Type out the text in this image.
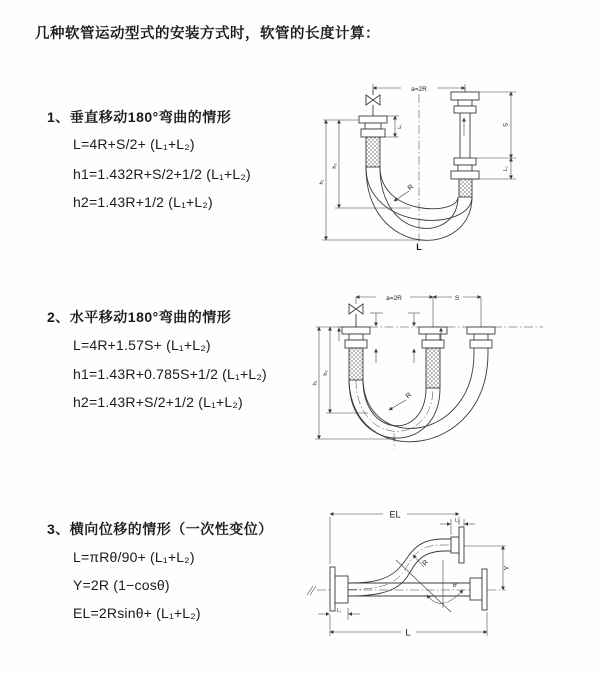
几种软管运动型式的安装方式时，软管的长度计算：
1、垂直移动180°弯曲的情形
L=4R+S/2+ (L₁+L₂)
h1=1.432R+S/2+1/2 (L₁+L₂)
h2=1.43R+1/2 (L₁+L₂)
2、水平移动180°弯曲的情形
L=4R+1.57S+ (L₁+L₂)
h1=1.43R+0.785S+1/2 (L₁+L₂)
h2=1.43R+S/2+1/2 (L₁+L₂)
3、横向位移的情形（一次性变位）
L=πRθ/90+ (L₁+L₂)
Y=2R (1−cosθ)
EL=2Rsinθ+ (L₁+L₂)
a=2R
h₁
h₂
L₁	S
L₂
R
L
a=2R	S
h₁
h₂
R
EL
L₂
Y
L
L₁
R
θ
